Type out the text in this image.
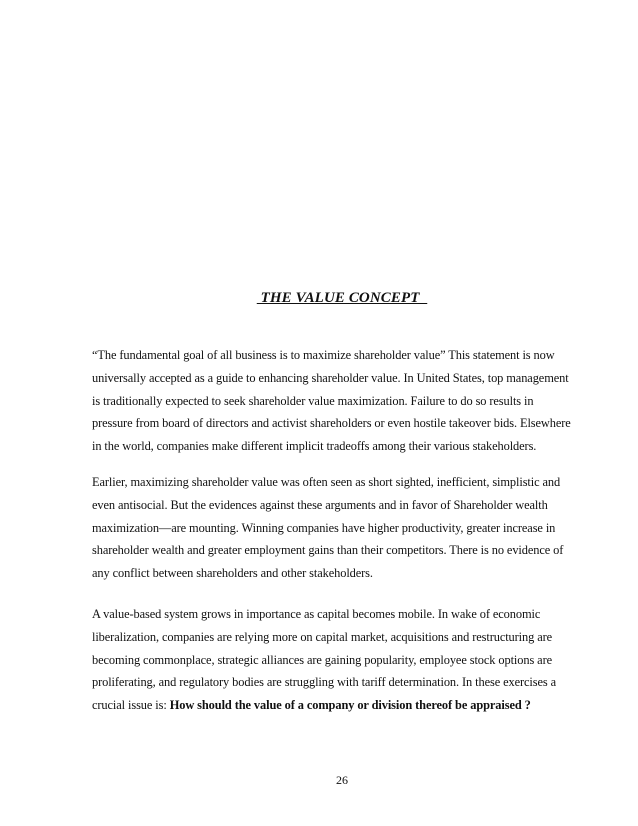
THE VALUE CONCEPT

“The fundamental goal of all business is to maximize shareholder value” This statement is now
universally accepted as a guide to enhancing shareholder value. In United States, top management
is traditionally expected to seek shareholder value maximization. Failure to do so results in
pressure from board of directors and activist shareholders or even hostile takeover bids. Elsewhere
in the world, companies make different implicit tradeoffs among their various stakeholders.

Earlier, maximizing shareholder value was often seen as short sighted, inefficient, simplistic and
even antisocial. But the evidences against these arguments and in favor of Shareholder wealth
maximization—are mounting. Winning companies have higher productivity, greater increase in
shareholder wealth and greater employment gains than their competitors. There is no evidence of
any conflict between shareholders and other stakeholders.

A value-based system grows in importance as capital becomes mobile. In wake of economic
liberalization, companies are relying more on capital market, acquisitions and restructuring are
becoming commonplace, strategic alliances are gaining popularity, employee stock options are
proliferating, and regulatory bodies are struggling with tariff determination. In these exercises a
crucial issue is: How should the value of a company or division thereof be appraised ?

26
